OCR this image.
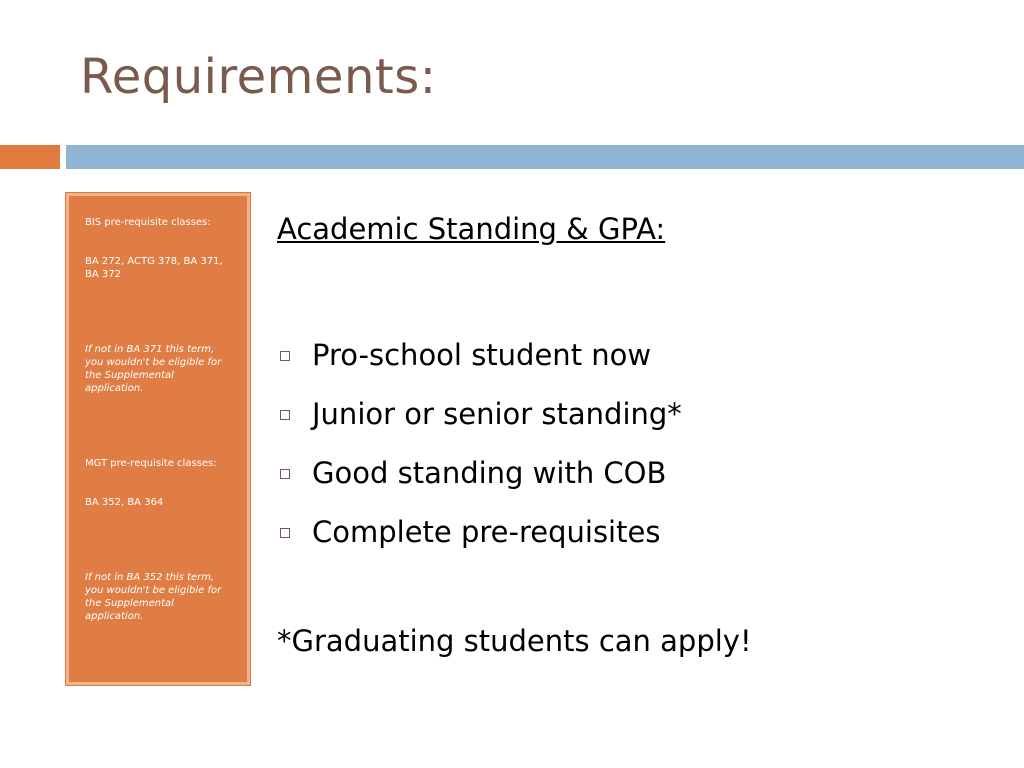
Requirements:

BIS pre-requisite classes:

BA 272, ACTG 378, BA 371, BA 372

If not in BA 371 this term, you wouldn't be eligible for the Supplemental application.

MGT pre-requisite classes:

BA 352, BA 364

If not in BA 352 this term, you wouldn't be eligible for the Supplemental application.

Academic Standing & GPA:

Pro-school student now
Junior or senior standing*
Good standing with COB
Complete pre-requisites

*Graduating students can apply!
